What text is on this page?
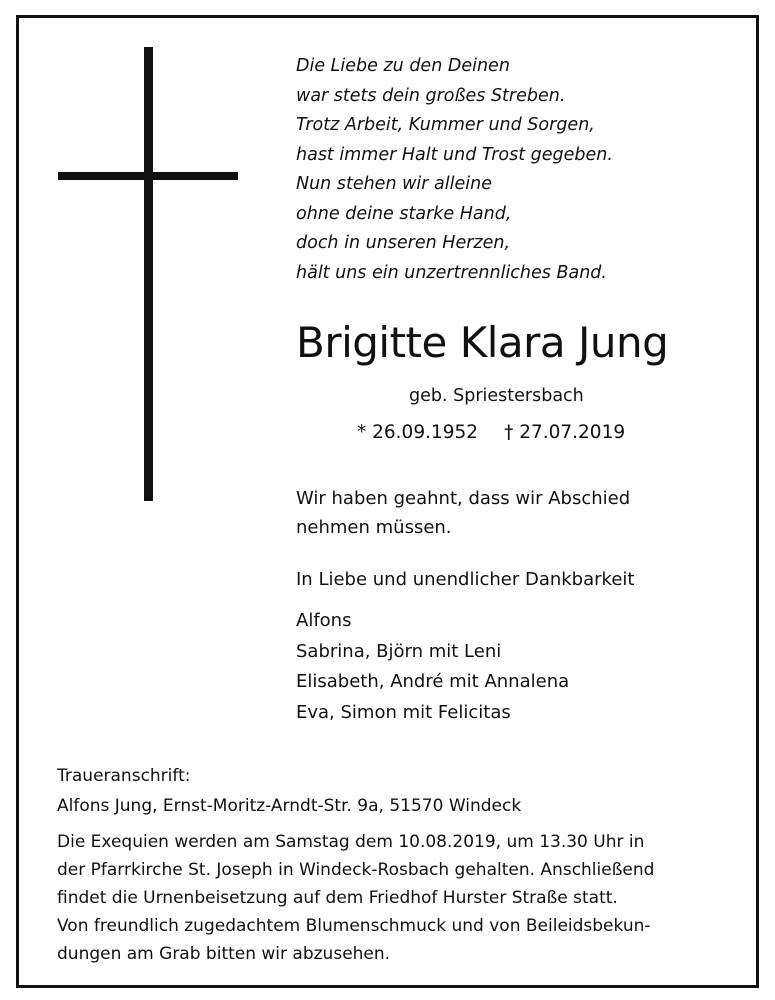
Die Liebe zu den Deinen
war stets dein großes Streben.
Trotz Arbeit, Kummer und Sorgen,
hast immer Halt und Trost gegeben.
Nun stehen wir alleine
ohne deine starke Hand,
doch in unseren Herzen,
hält uns ein unzertrennliches Band.
Brigitte Klara Jung
geb. Spriestersbach
* 26.09.1952 † 27.07.2019
Wir haben geahnt, dass wir Abschied
nehmen müssen.
In Liebe und unendlicher Dankbarkeit
Alfons
Sabrina, Björn mit Leni
Elisabeth, André mit Annalena
Eva, Simon mit Felicitas
Traueranschrift:
Alfons Jung, Ernst-Moritz-Arndt-Str. 9a, 51570 Windeck
Die Exequien werden am Samstag dem 10.08.2019, um 13.30 Uhr in
der Pfarrkirche St. Joseph in Windeck-Rosbach gehalten. Anschließend
findet die Urnenbeisetzung auf dem Friedhof Hurster Straße statt.
Von freundlich zugedachtem Blumenschmuck und von Beileidsbekun-
dungen am Grab bitten wir abzusehen.
